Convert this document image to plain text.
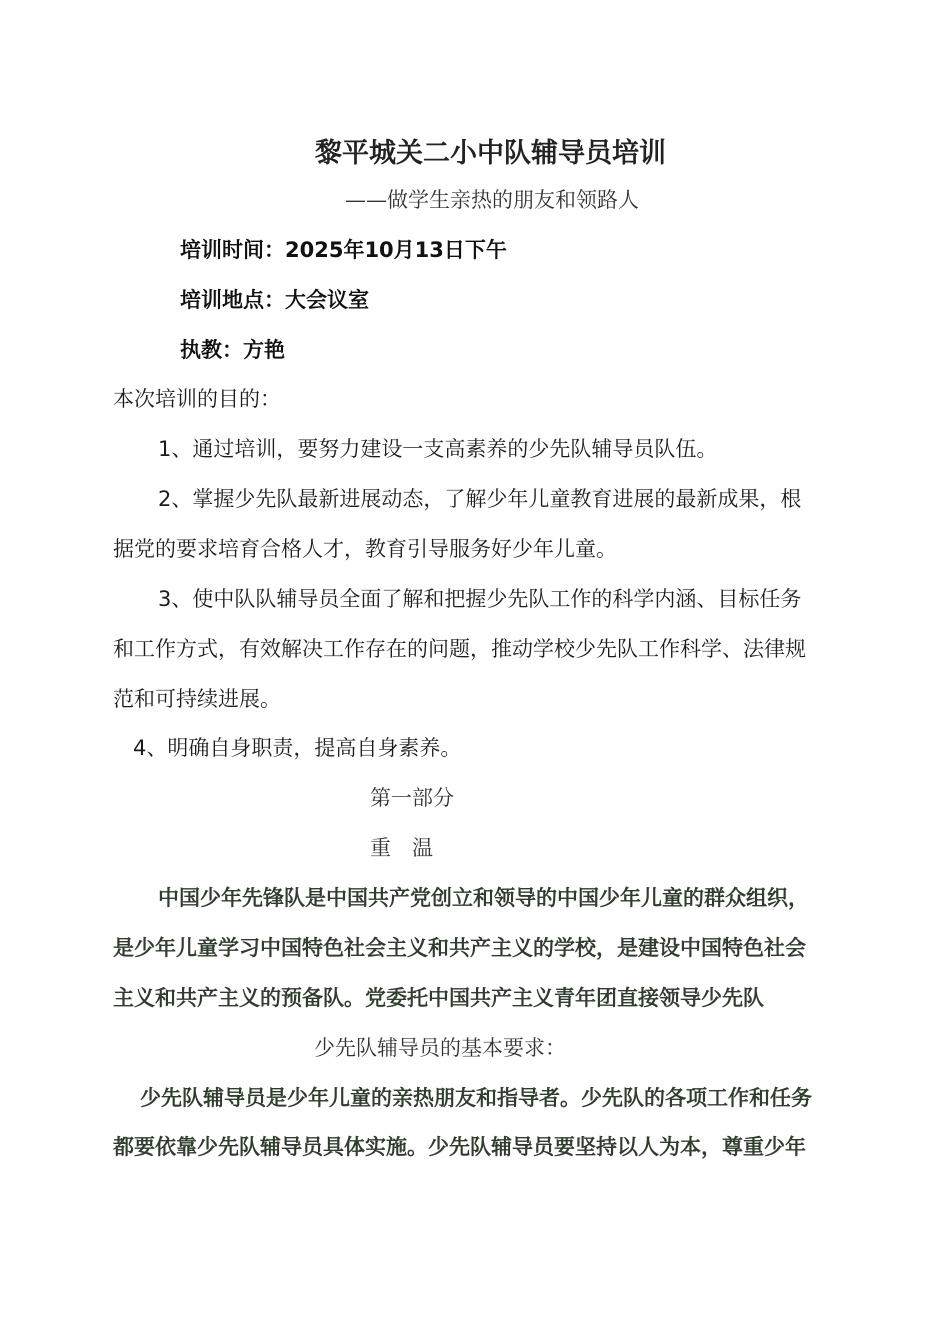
黎平城关二小中队辅导员培训
——做学生亲热的朋友和领路人
培训时间：2025年10月13日下午
培训地点：大会议室
执教：方艳
本次培训的目的：
1、通过培训，要努力建设一支高素养的少先队辅导员队伍。
2、掌握少先队最新进展动态，了解少年儿童教育进展的最新成果，根
据党的要求培育合格人才，教育引导服务好少年儿童。
3、使中队队辅导员全面了解和把握少先队工作的科学内涵、目标任务
和工作方式，有效解决工作存在的问题，推动学校少先队工作科学、法律规
范和可持续进展。
4、明确自身职责，提高自身素养。
第一部分
重　温
中国少年先锋队是中国共产党创立和领导的中国少年儿童的群众组织，
是少年儿童学习中国特色社会主义和共产主义的学校，是建设中国特色社会
主义和共产主义的预备队。党委托中国共产主义青年团直接领导少先队
少先队辅导员的基本要求：
少先队辅导员是少年儿童的亲热朋友和指导者。少先队的各项工作和任务
都要依靠少先队辅导员具体实施。少先队辅导员要坚持以人为本，尊重少年
